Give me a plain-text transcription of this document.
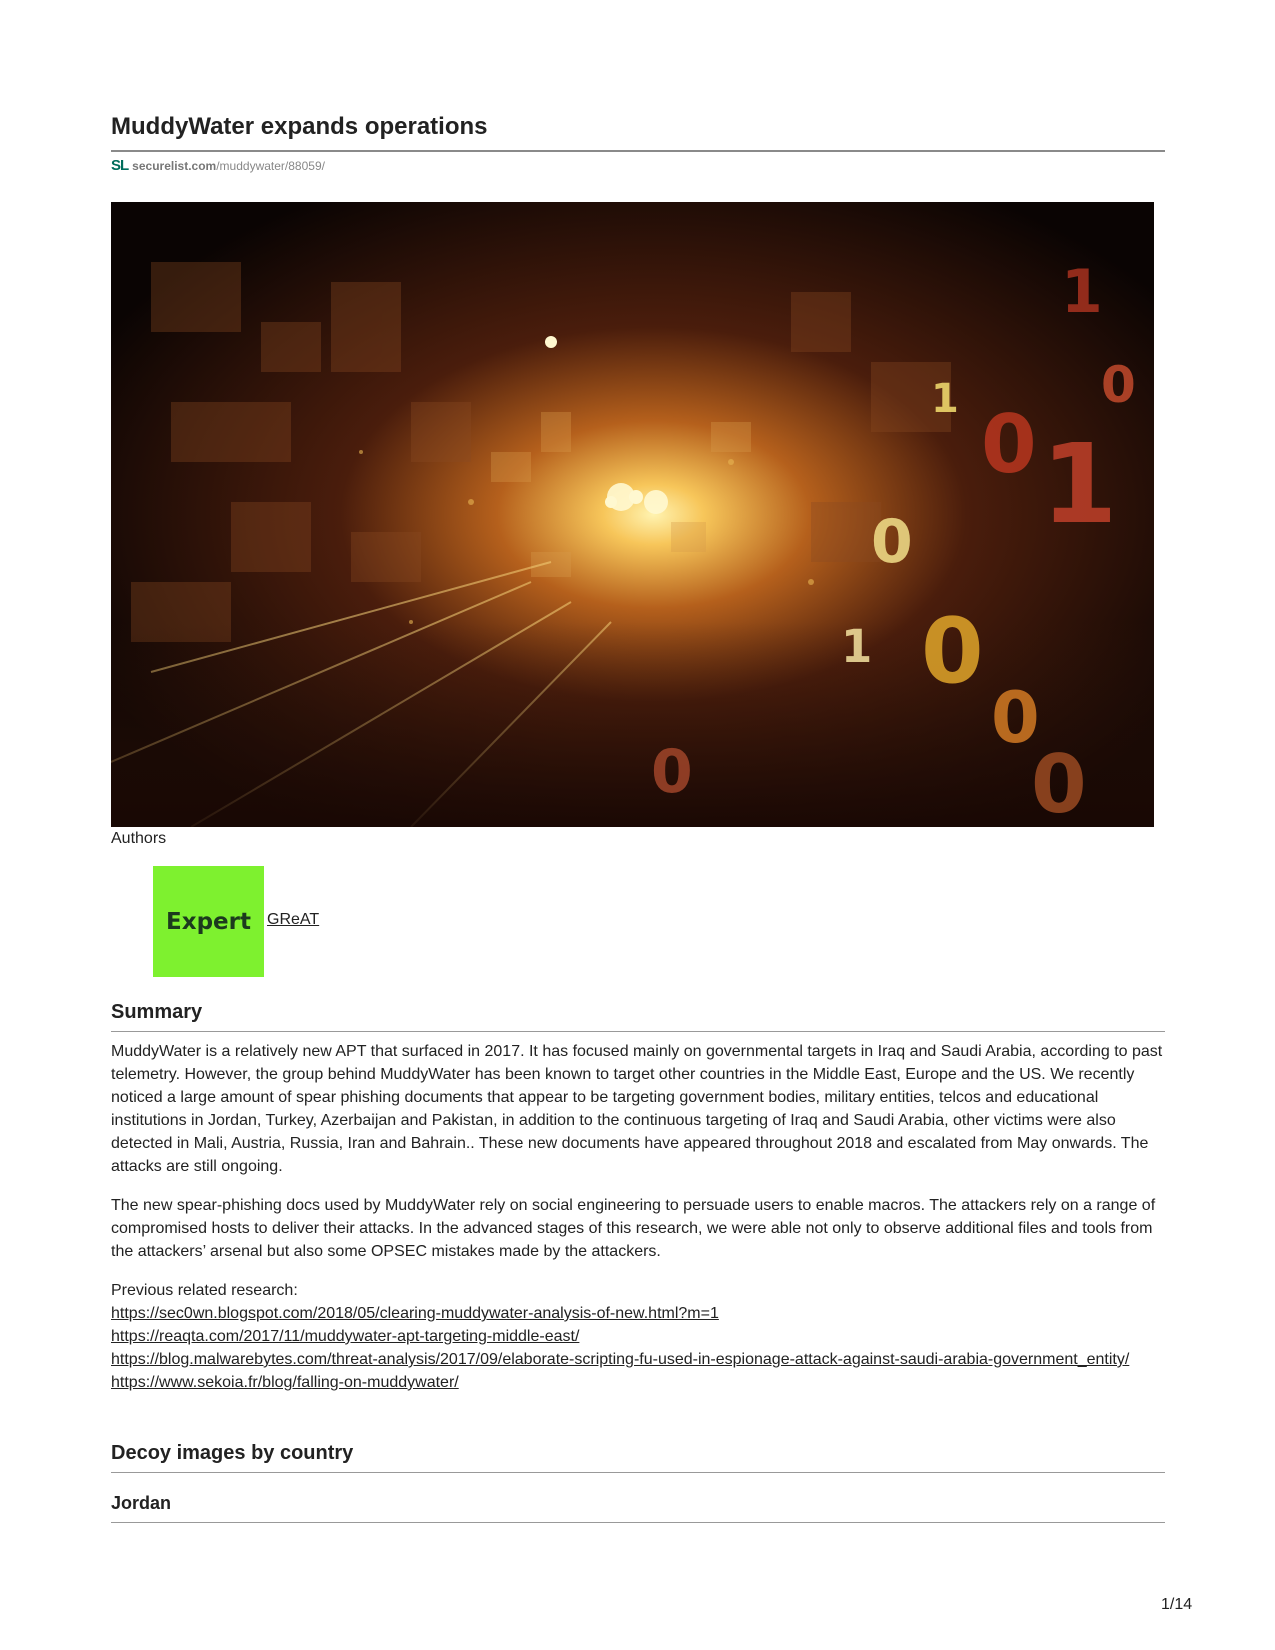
MuddyWater expands operations
SL securelist.com /muddywater/88059/
1
0
0
0
0
1
1
0
1	0
0
Authors
Expert	GReAT
Summary

MuddyWater is a relatively new APT that surfaced in 2017. It has focused mainly on governmental targets in Iraq and Saudi Arabia, according to past telemetry. However, the group behind MuddyWater has been known to target other countries in the Middle East, Europe and the US. We recently noticed a large amount of spear phishing documents that appear to be targeting government bodies, military entities, telcos and educational institutions in Jordan, Turkey, Azerbaijan and Pakistan, in addition to the continuous targeting of Iraq and Saudi Arabia, other victims were also detected in Mali, Austria, Russia, Iran and Bahrain.. These new documents have appeared throughout 2018 and escalated from May onwards. The attacks are still ongoing.

The new spear-phishing docs used by MuddyWater rely on social engineering to persuade users to enable macros. The attackers rely on a range of compromised hosts to deliver their attacks. In the advanced stages of this research, we were able not only to observe additional files and tools from the attackers’ arsenal but also some OPSEC mistakes made by the attackers.

Previous related research:

https://sec0wn.blogspot.com/2018/05/clearing-muddywater-analysis-of-new.html?m=1
https://reaqta.com/2017/11/muddywater-apt-targeting-middle-east/
https://blog.malwarebytes.com/threat-analysis/2017/09/elaborate-scripting-fu-used-in-espionage-attack-against-saudi-arabia-government_entity/
https://www.sekoia.fr/blog/falling-on-muddywater/
Decoy images by country
Jordan
1/14
